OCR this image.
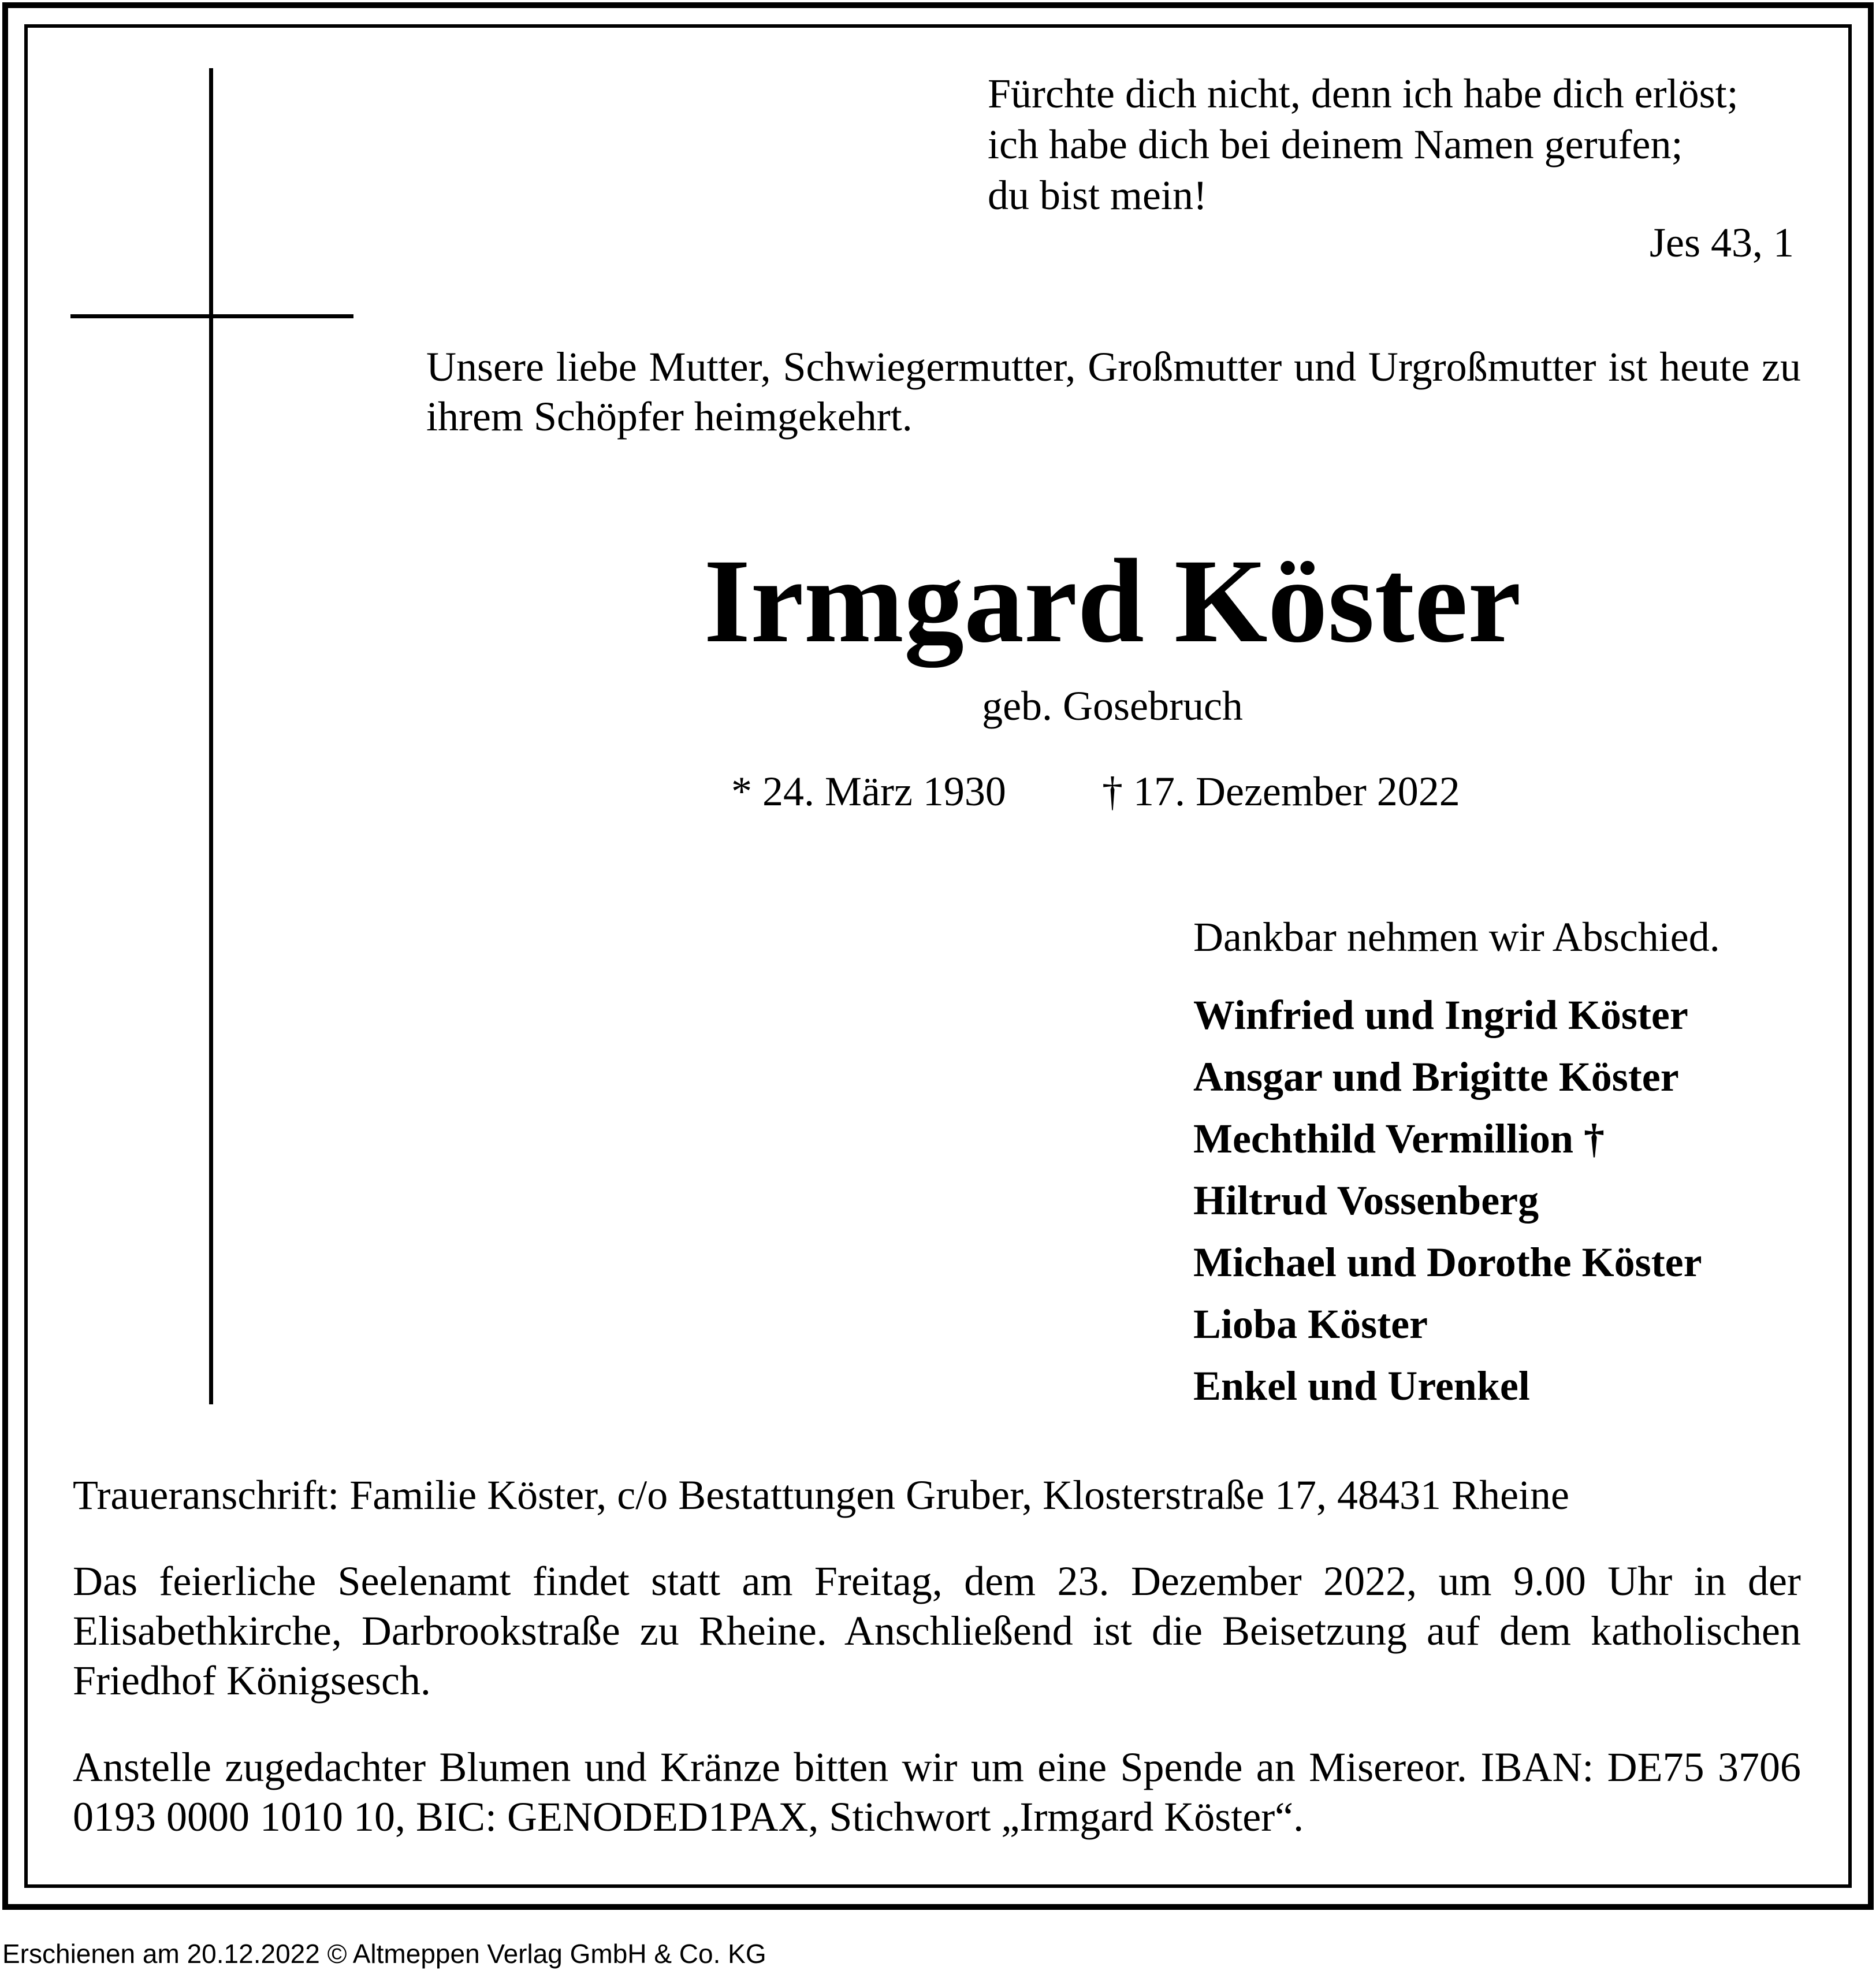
Fürchte dich nicht, denn ich habe dich erlöst;
ich habe dich bei deinem Namen gerufen;
du bist mein!

Jes 43, 1

Unsere liebe Mutter, Schwiegermutter, Großmutter und Urgroßmutter ist heute zu ihrem Schöpfer heimgekehrt.

Irmgard Köster

geb. Gosebruch

* 24. März 1930 † 17. Dezember 2022

Dankbar nehmen wir Abschied.

Winfried und Ingrid Köster
Ansgar und Brigitte Köster
Mechthild Vermillion †
Hiltrud Vossenberg
Michael und Dorothe Köster
Lioba Köster
Enkel und Urenkel

Traueranschrift: Familie Köster, c/o Bestattungen Gruber, Klosterstraße 17, 48431 Rheine

Das feierliche Seelenamt findet statt am Freitag, dem 23. Dezember 2022, um 9.00 Uhr in der Elisabethkirche, Darbrookstraße zu Rheine. Anschließend ist die Beisetzung auf dem katholischen Friedhof Königsesch.

Anstelle zugedachter Blumen und Kränze bitten wir um eine Spende an Misereor. IBAN: DE75 3706 0193 0000 1010 10, BIC: GENODED1PAX, Stichwort „Irmgard Köster“.

Erschienen am 20.12.2022 © Altmeppen Verlag GmbH & Co. KG
